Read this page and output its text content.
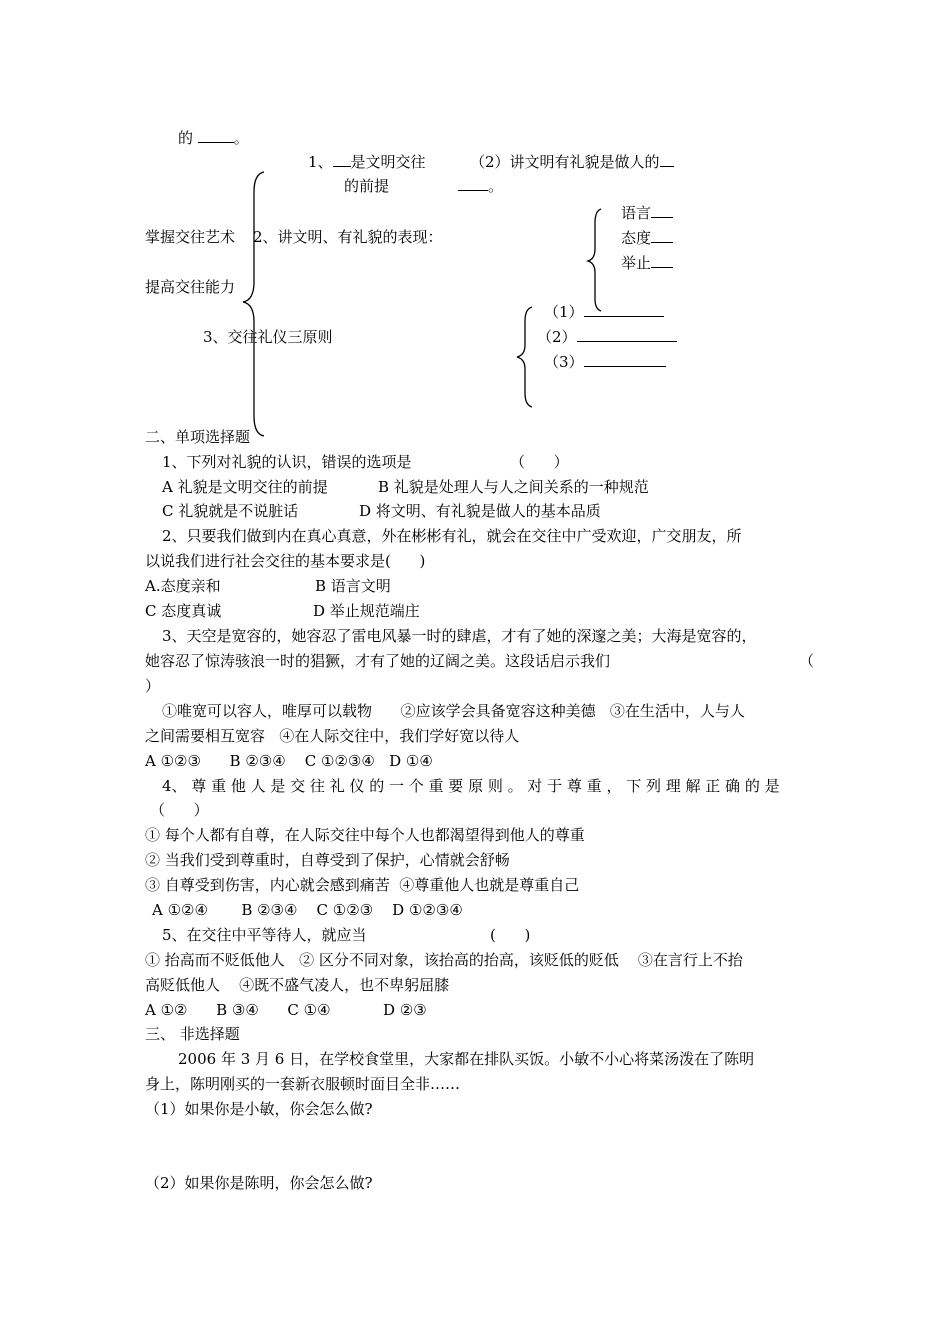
的	。
1、 是文明交往
的前提
（2）讲文明有礼貌是做人的
。
掌握交往艺术 2、讲文明、有礼貌的表现：
提高交往能力
3、交往礼仪三原则
语言
态度
举止
（1）
（2）
（3）
二、单项选择题
1、下列对礼貌的认识，错误的选项是	（      ）
A 礼貌是文明交往的前提	B 礼貌是处理人与人之间关系的一种规范
C 礼貌就是不说脏话	D 将文明、有礼貌是做人的基本品质
2、只要我们做到内在真心真意，外在彬彬有礼，就会在交往中广受欢迎，广交朋友，所
以说我们进行社会交往的基本要求是(      )
A.态度亲和	B 语言文明
C 态度真诚	D 举止规范端庄
3、天空是宽容的，她容忍了雷电风暴一时的肆虐，才有了她的深邃之美；大海是宽容的，
她容忍了惊涛骇浪一时的猖獗，才有了她的辽阔之美。这段话启示我们	（
）
①唯宽可以容人，唯厚可以载物      ②应该学会具备宽容这种美德   ③在生活中，人与人
之间需要相互宽容   ④在人际交往中，我们学好宽以待人
A ①②③      B ②③④    C ①②③④   D ①④
4、 尊 重 他 人 是 交 往 礼 仪 的 一 个 重 要 原 则 。 对 于 尊 重 ， 下 列 理 解 正 确 的 是
（      ）
① 每个人都有自尊，在人际交往中每个人也都渴望得到他人的尊重
② 当我们受到尊重时，自尊受到了保护，心情就会舒畅
③ 自尊受到伤害，内心就会感到痛苦  ④尊重他人也就是尊重自己
A ①②④       B ②③④    C ①②③    D ①②③④
5、在交往中平等待人，就应当	(      )
① 抬高而不贬低他人   ② 区分不同对象，该抬高的抬高，该贬低的贬低    ③在言行上不抬
高贬低他人    ④既不盛气凌人，也不卑躬屈膝
A ①②      B ③④      C ①④           D ②③
三、 非选择题
2006 年 3 月 6 日，在学校食堂里，大家都在排队买饭。小敏不小心将菜汤泼在了陈明
身上，陈明刚买的一套新衣服顿时面目全非……
（1）如果你是小敏，你会怎么做?
（2）如果你是陈明，你会怎么做?
